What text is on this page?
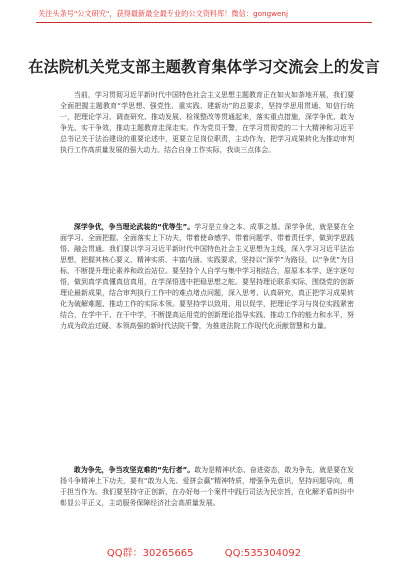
关注头条号"公文研究"，获得最新最全最专业的公文资料库！微信：gongwenj
在法院机关党支部主题教育集体学习交流会上的发言
当前，学习贯彻习近平新时代中国特色社会主义思想主题教育正在如火如荼地开展，我们要全面把握主题教育“学思想、强党性、重实践、建新功”的总要求，坚持学思用贯通、知信行统一，把理论学习、调查研究、推动发展、检视整改等贯通起来，落实重点措施，深学争优、敢为争先、实干争效，推动主题教育走深走实。作为党员干警，在学习贯彻党的二十大精神和习近平总书记关于法治建设的重要论述中，更要立足岗位职责，主动作为，把学习成果转化为推动审判执行工作高质量发展的强大动力。结合自身工作实际，我谈三点体会。
深学争优，争当理论武装的“优等生”。学习是立身之本、成事之基。深学争优，就是要在全面学习、全面把握、全面落实上下功夫，带着使命感学、带着问题学、带着责任学，做到学思践悟、融会贯通。我们要以学习习近平新时代中国特色社会主义思想为主线，深入学习习近平法治思想，把握其核心要义、精神实质、丰富内涵、实践要求，坚持以“深学”为路径，以“争优”为目标，不断提升理论素养和政治站位。要坚持个人自学与集中学习相结合，原原本本学、逐字逐句悟，做到真学真懂真信真用，在学深悟透中把稳思想之舵。要坚持理论联系实际，围绕党的创新理论最新成果，结合审判执行工作中的难点堵点问题，深入思考、认真研究，真正把学习成果转化为破解难题、推动工作的实际本领。要坚持学以致用、用以促学，把理论学习与岗位实践紧密结合，在学中干、在干中学，不断提高运用党的创新理论指导实践、推动工作的能力和水平，努力成为政治过硬、本领高强的新时代法院干警，为推进法院工作现代化贡献智慧和力量。
敢为争先，争当攻坚克难的“先行者”。敢为是精神状态、奋进姿态，敢为争先，就是要在发扬斗争精神上下功夫，要有“敢为人先、爱拼会赢”精神特质，增强争先意识，坚持问题导向，勇于担当作为。我们要坚持守正创新，在办好每一个案件中践行司法为民宗旨，在化解矛盾纠纷中彰显公平正义，主动服务保障经济社会高质量发展。
QQ群：30265665	QQ:535304092
